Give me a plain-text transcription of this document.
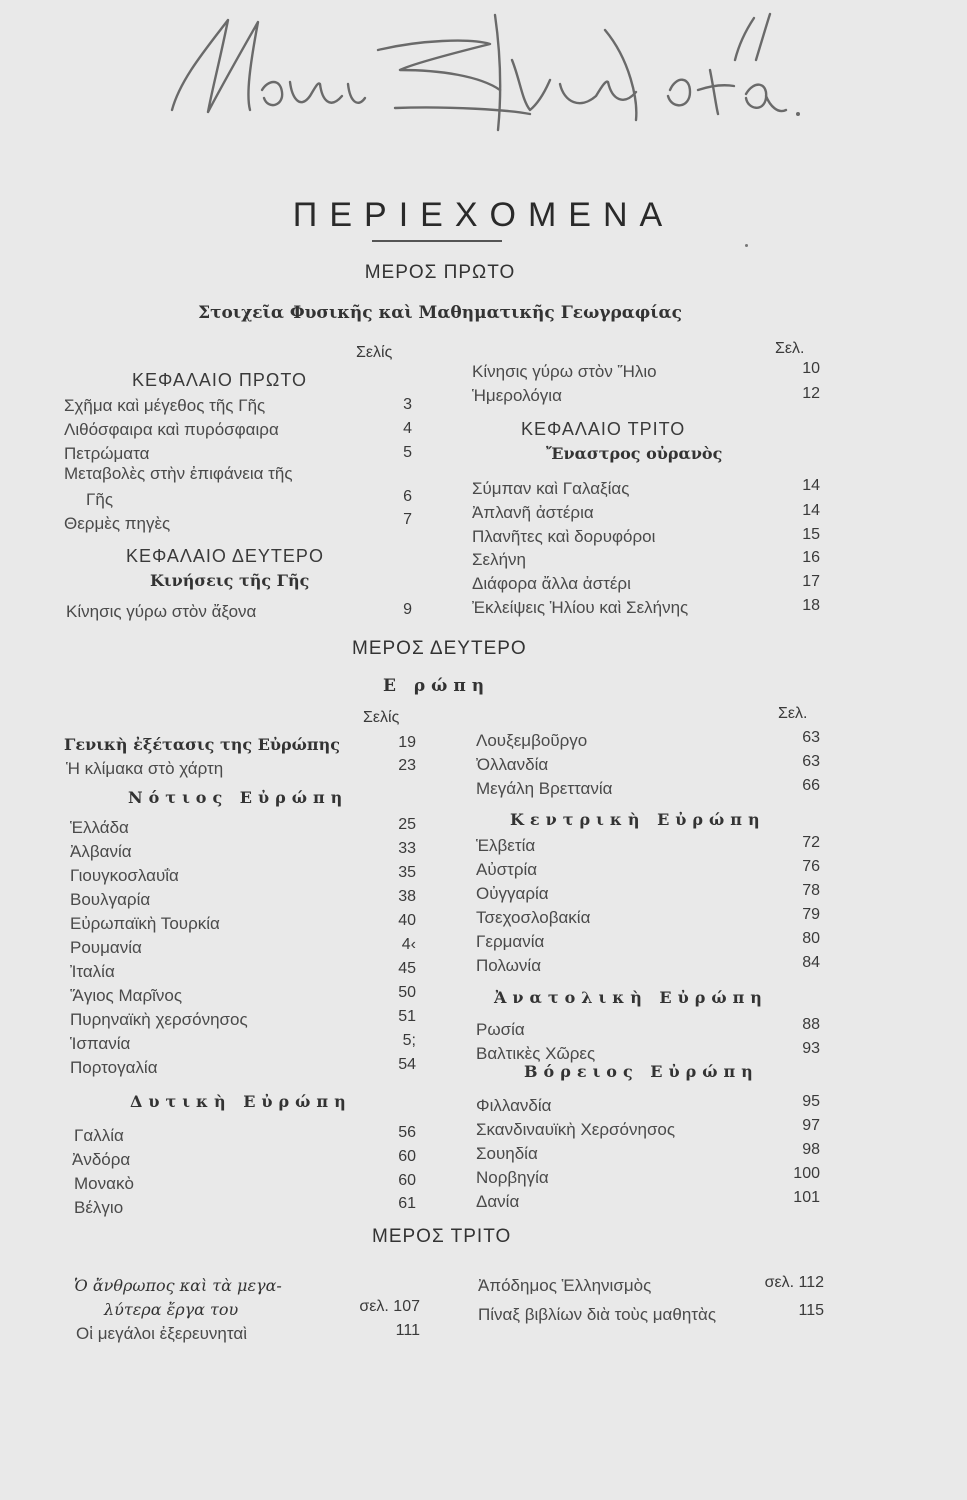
ΠΕΡΙΕΧΟΜΕΝΑ
ΜΕΡΟΣ ΠΡΩΤΟ
Στοιχεῖα Φυσικῆς καὶ Μαθηματικῆς Γεωγραφίας
Σελίς	Σελ.
ΚΕΦΑΛΑΙΟ ΠΡΩΤΟ
Σχῆμα καὶ μέγεθος τῆς Γῆς	3
Λιθόσφαιρα καὶ πυρόσφαιρα	4
Πετρώματα	5
Μεταβολὲς στὴν ἐπιφάνεια τῆς
Γῆς	6
Θερμὲς πηγὲς	7
ΚΕΦΑΛΑΙΟ ΔΕΥΤΕΡΟ
Κινήσεις τῆς Γῆς
Κίνησις γύρω στὸν ἄξονα	9
Κίνησις γύρω στὸν Ἥλιο	10
Ἡμερολόγια	12
ΚΕΦΑΛΑΙΟ ΤΡΙΤΟ
Ἔναστρος οὐρανὸς
Σύμπαν καὶ Γαλαξίας	14
Ἀπλανῆ ἀστέρια	14
Πλανῆτες καὶ δορυφόροι	15
Σελήνη	16
Διάφορα ἄλλα ἀστέρι	17
Ἐκλείψεις Ἡλίου καὶ Σελήνης	18
ΜΕΡΟΣ ΔΕΥΤΕΡΟ
Ε ρώπη
Σελίς	Σελ.
Γενικὴ ἐξέτασις της Εὐρώπης	19
Ἡ κλίμακα στὸ χάρτη	23
Νότιος Εὐρώπη
Ἑλλάδα	25
Ἀλβανία	33
Γιουγκοσλαυΐα	35
Βουλγαρία	38
Εὐρωπαϊκὴ Τουρκία	40
Ρουμανία	4‹
Ἰταλία	45
Ἅγιος Μαρῖνος	50
Πυρηναϊκὴ χερσόνησος	51
Ἱσπανία	5;
Πορτογαλία	54
Δυτικὴ Εὐρώπη
Γαλλία	56
Ἀνδόρα	60
Μονακὸ	60
Βέλγιο	61
Λουξεμβοῦργο	63
Ὀλλανδία	63
Μεγάλη Βρεττανία	66
Κεντρικὴ Εὐρώπη
Ἑλβετία	72
Αὐστρία	76
Οὐγγαρία	78
Τσεχοσλοβακία	79
Γερμανία	80
Πολωνία	84
Ἀνατολικὴ Εὐρώπη
Ρωσία	88
Βαλτικὲς Χῶρες	93
Βόρειος Εὐρώπη
Φιλλανδία	95
Σκανδιναυϊκὴ Χερσόνησος	97
Σουηδία	98
Νορβηγία	100
Δανία	101
ΜΕΡΟΣ ΤΡΙΤΟ
Ὁ ἄνθρωπος καὶ τὰ μεγα-
λύτερα ἔργα του	σελ. 107
Οἱ μεγάλοι ἐξερευνηταὶ	111
Ἀπόδημος Ἑλληνισμὸς	σελ. 112
Πίναξ βιβλίων διὰ τοὺς μαθητὰς	115
